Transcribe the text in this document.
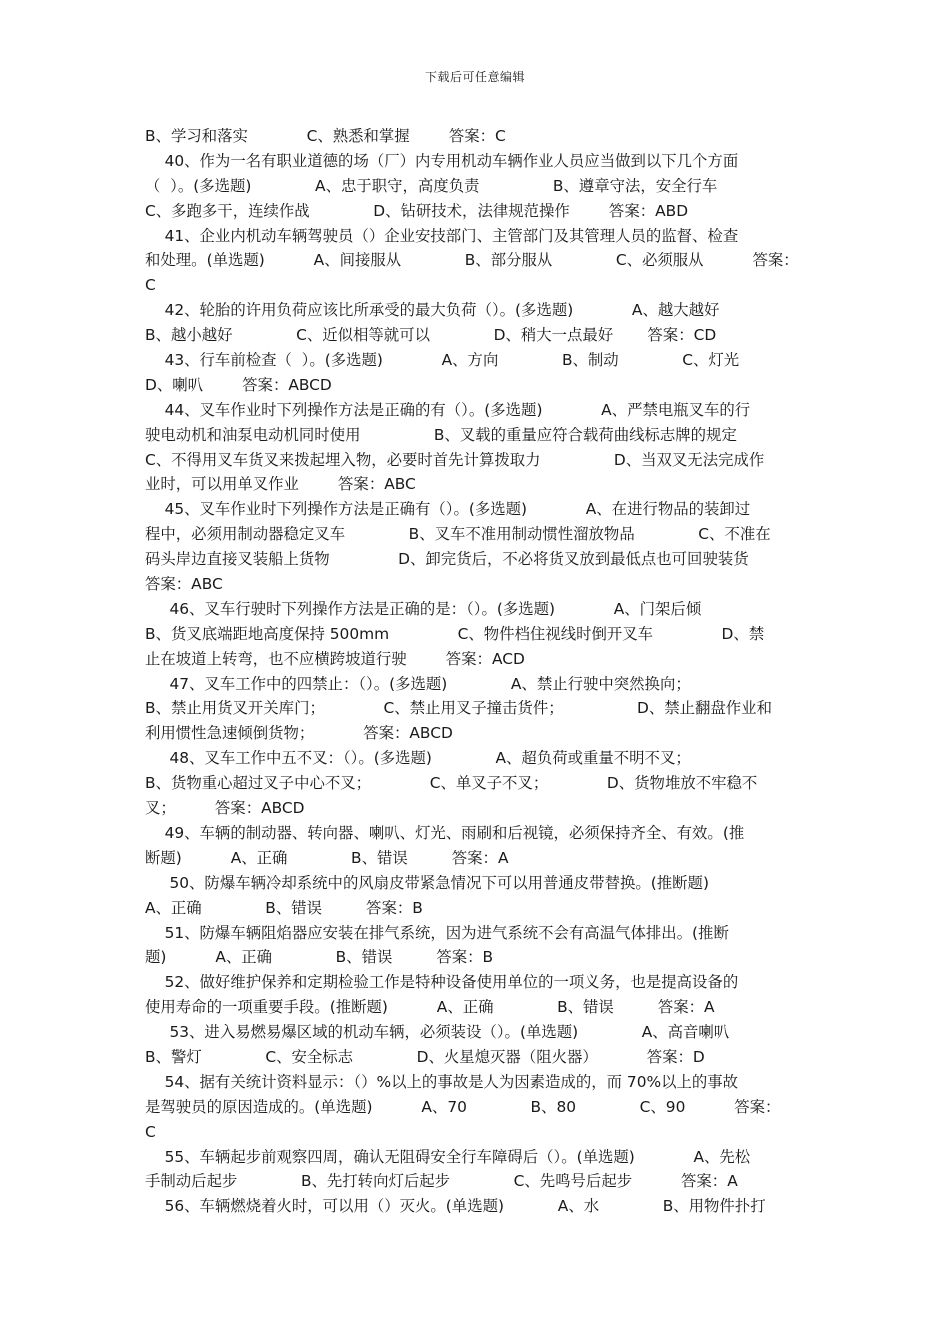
下载后可任意编辑
B、学习和落实            C、熟悉和掌握        答案：C
40、作为一名有职业道德的场（厂）内专用机动车辆作业人员应当做到以下几个方面
（  ）。(多选题)             A、忠于职守，高度负责               B、遵章守法，安全行车
C、多跑多干，连续作战             D、钻研技术，法律规范操作        答案：ABD
41、企业内机动车辆驾驶员（）企业安技部门、主管部门及其管理人员的监督、检查
和处理。(单选题)          A、间接服从             B、部分服从             C、必须服从          答案：
C
42、轮胎的许用负荷应该比所承受的最大负荷（）。(多选题)            A、越大越好
B、越小越好             C、近似相等就可以             D、稍大一点最好       答案：CD
43、行车前检查（  ）。(多选题)            A、方向             B、制动             C、灯光
D、喇叭        答案：ABCD
44、叉车作业时下列操作方法是正确的有（）。(多选题)            A、严禁电瓶叉车的行
驶电动机和油泵电动机同时使用               B、叉载的重量应符合载荷曲线标志牌的规定
C、不得用叉车货叉来拨起埋入物，必要时首先计算拨取力               D、当双叉无法完成作
业时，可以用单叉作业        答案：ABC
45、叉车作业时下列操作方法是正确有（）。(多选题)            A、在进行物品的装卸过
程中，必须用制动器稳定叉车             B、叉车不准用制动惯性溜放物品             C、不准在
码头岸边直接叉装船上货物              D、卸完货后，不必将货叉放到最低点也可回驶装货
答案：ABC
46、叉车行驶时下列操作方法是正确的是：（）。(多选题)            A、门架后倾
B、货叉底端距地高度保持 500mm              C、物件档住视线时倒开叉车              D、禁
止在坡道上转弯，也不应横跨坡道行驶        答案：ACD
47、叉车工作中的四禁止：（）。(多选题)             A、禁止行驶中突然换向；
B、禁止用货叉开关库门；            C、禁止用叉子撞击货件；               D、禁止翻盘作业和
利用惯性急速倾倒货物；          答案：ABCD
48、叉车工作中五不叉：（）。(多选题)             A、超负荷或重量不明不叉；
B、货物重心超过叉子中心不叉；            C、单叉子不叉；            D、货物堆放不牢稳不
叉；        答案：ABCD
49、车辆的制动器、转向器、喇叭、灯光、雨刷和后视镜，必须保持齐全、有效。(推
断题)          A、正确             B、错误         答案：A
50、防爆车辆冷却系统中的风扇皮带紧急情况下可以用普通皮带替换。(推断题)
A、正确             B、错误         答案：B
51、防爆车辆阻焰器应安装在排气系统，因为进气系统不会有高温气体排出。(推断
题)          A、正确             B、错误         答案：B
52、做好维护保养和定期检验工作是特种设备使用单位的一项义务，也是提高设备的
使用寿命的一项重要手段。(推断题)          A、正确             B、错误         答案：A
53、进入易燃易爆区域的机动车辆，必须装设（）。(单选题)             A、高音喇叭
B、警灯             C、安全标志             D、火星熄灭器（阻火器）          答案：D
54、据有关统计资料显示：（）%以上的事故是人为因素造成的，而 70%以上的事故
是驾驶员的原因造成的。(单选题)          A、70             B、80             C、90          答案：
C
55、车辆起步前观察四周，确认无阻碍安全行车障碍后（）。(单选题)            A、先松
手制动后起步             B、先打转向灯后起步             C、先鸣号后起步          答案：A
56、车辆燃烧着火时，可以用（）灭火。(单选题)           A、水             B、用物件扑打
